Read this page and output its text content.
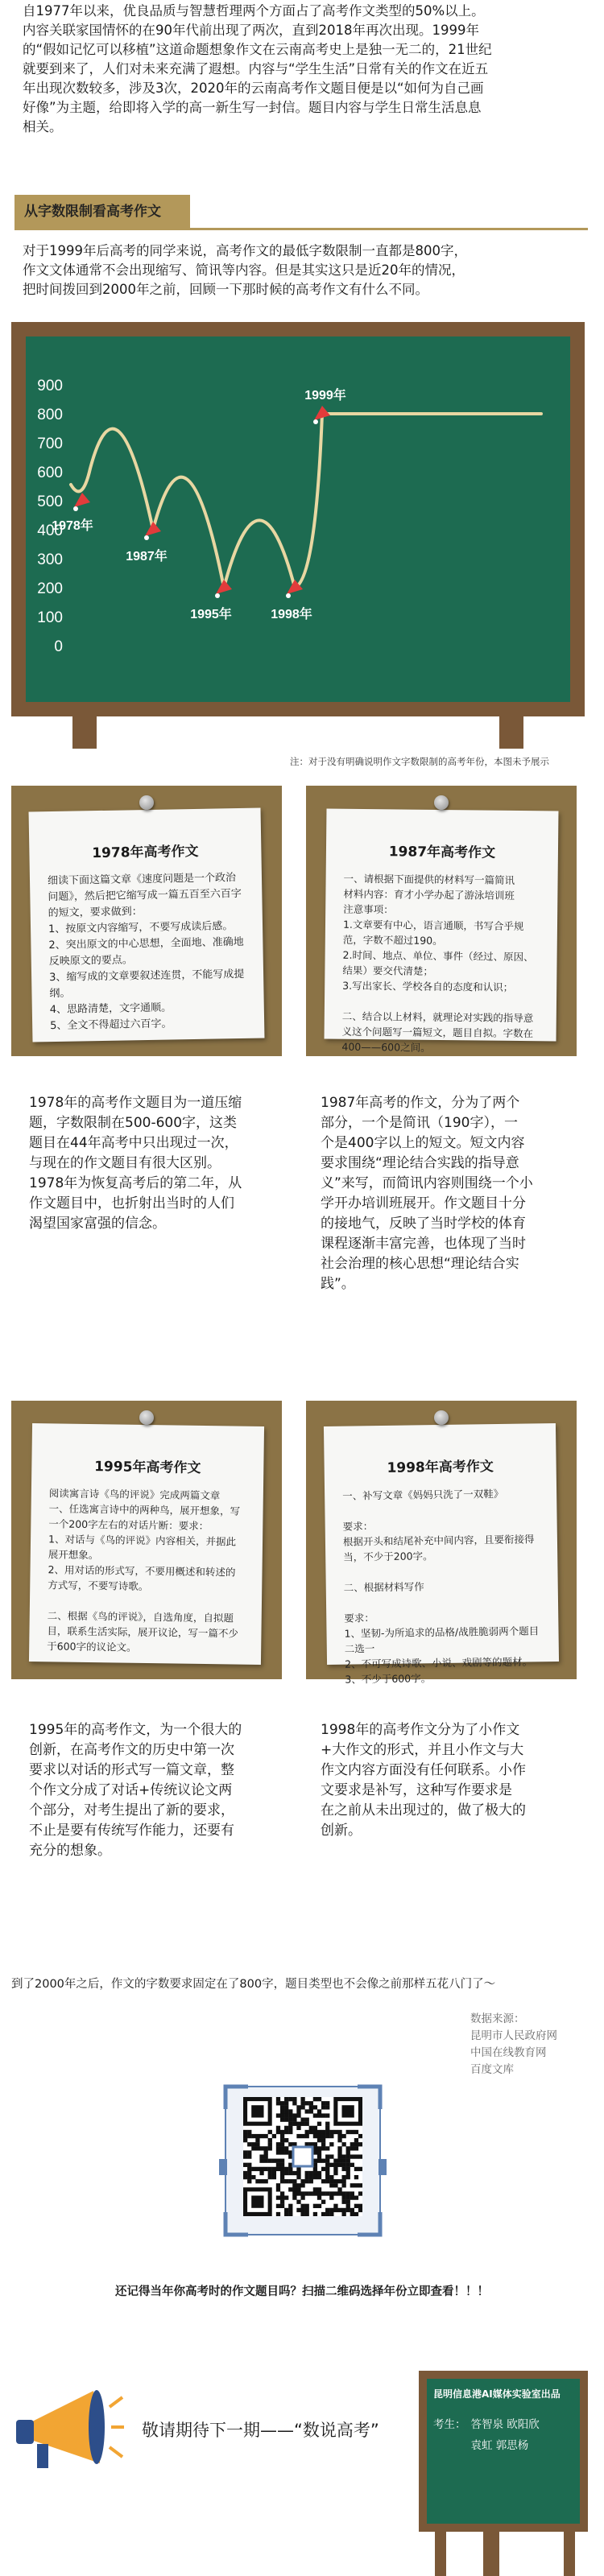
自1977年以来，优良品质与智慧哲理两个方面占了高考作文类型的50%以上。

内容关联家国情怀的在90年代前出现了两次，直到2018年再次出现。1999年

的“假如记忆可以移植”这道命题想象作文在云南高考史上是独一无二的，21世纪

就要到来了，人们对未来充满了遐想。内容与“学生生活”日常有关的作文在近五

年出现次数较多，涉及3次，2020年的云南高考作文题目便是以“如何为自己画

好像”为主题，给即将入学的高一新生写一封信。题目内容与学生日常生活息息

相关。

从字数限制看高考作文

对于1999年后高考的同学来说，高考作文的最低字数限制一直都是800字，

作文文体通常不会出现缩写、简讯等内容。但是其实这只是近20年的情况，

把时间拨回到2000年之前，回顾一下那时候的高考作文有什么不同。

900
800
700
600
500
400
300
200
100
0
1978年
1987年
1995年	1998年
1999年
注：对于没有明确说明作文字数限制的高考年份，本图未予展示
1978年高考作文
细读下面这篇文章《速度问题是一个政治问题》，然后把它缩写成一篇五百至六百字的短文，要求做到：
1、按原文内容缩写，不要写成读后感。
2、突出原文的中心思想，全面地、准确地反映原文的要点。
3、缩写成的文章要叙述连贯，不能写成提纲。
4、思路清楚，文字通顺。
5、全文不得超过六百字。
1987年高考作文
一、请根据下面提供的材料写一篇简讯
材料内容：育才小学办起了游泳培训班
注意事项：
1.文章要有中心，语言通顺，书写合乎规范，字数不超过190。
2.时间、地点、单位、事件（经过、原因、结果）要交代清楚；
3.写出家长、学校各自的态度和认识；

二、结合以上材料，就理论对实践的指导意义这个问题写一篇短文，题目自拟。字数在400——600之间。

1978年的高考作文题目为一道压缩

题，字数限制在500-600字，这类

题目在44年高考中只出现过一次，

与现在的作文题目有很大区别。

1978年为恢复高考后的第二年，从

作文题目中，也折射出当时的人们

渴望国家富强的信念。

1987年高考的作文，分为了两个

部分，一个是简讯（190字），一

个是400字以上的短文。短文内容

要求围绕“理论结合实践的指导意

义”来写，而简讯内容则围绕一个小

学开办培训班展开。作文题目十分

的接地气，反映了当时学校的体育

课程逐渐丰富完善，也体现了当时

社会治理的核心思想“理论结合实

践”。

1995年高考作文
阅读寓言诗《鸟的评说》完成两篇文章
一、任选寓言诗中的两种鸟，展开想象，写一个200字左右的对话片断：要求：
1、对话与《鸟的评说》内容相关，并据此展开想象。
2、用对话的形式写，不要用概述和转述的方式写，不要写诗歌。

二、根据《鸟的评说》，自选角度，自拟题目，联系生活实际，展开议论，写一篇不少于600字的议论文。
1998年高考作文
一、补写文章《妈妈只洗了一双鞋》

要求：
根据开头和结尾补充中间内容，且要衔接得当，不少于200字。

二、根据材料写作

要求：
1、坚韧-为所追求的品格/战胜脆弱两个题目二选一
2、不可写成诗歌、小说、戏剧等的题材。
3、不少于600字。

1995年的高考作文，为一个很大的

创新，在高考作文的历史中第一次

要求以对话的形式写一篇文章，整

个作文分成了对话+传统议论文两

个部分，对考生提出了新的要求，

不止是要有传统写作能力，还要有

充分的想象。

1998年的高考作文分为了小作文

+大作文的形式，并且小作文与大

作文内容方面没有任何联系。小作

文要求是补写，这种写作要求是

在之前从未出现过的，做了极大的

创新。

到了2000年之后，作文的字数要求固定在了800字，题目类型也不会像之前那样五花八门了～

数据来源：

昆明市人民政府网

中国在线教育网

百度文库

还记得当年你高考时的作文题目吗？扫描二维码选择年份立即查看！！！
敬请期待下一期——“数说高考”
昆明信息港AI媒体实验室出品
考生： 答智泉 欧阳欣
袁虹 郭思杨
